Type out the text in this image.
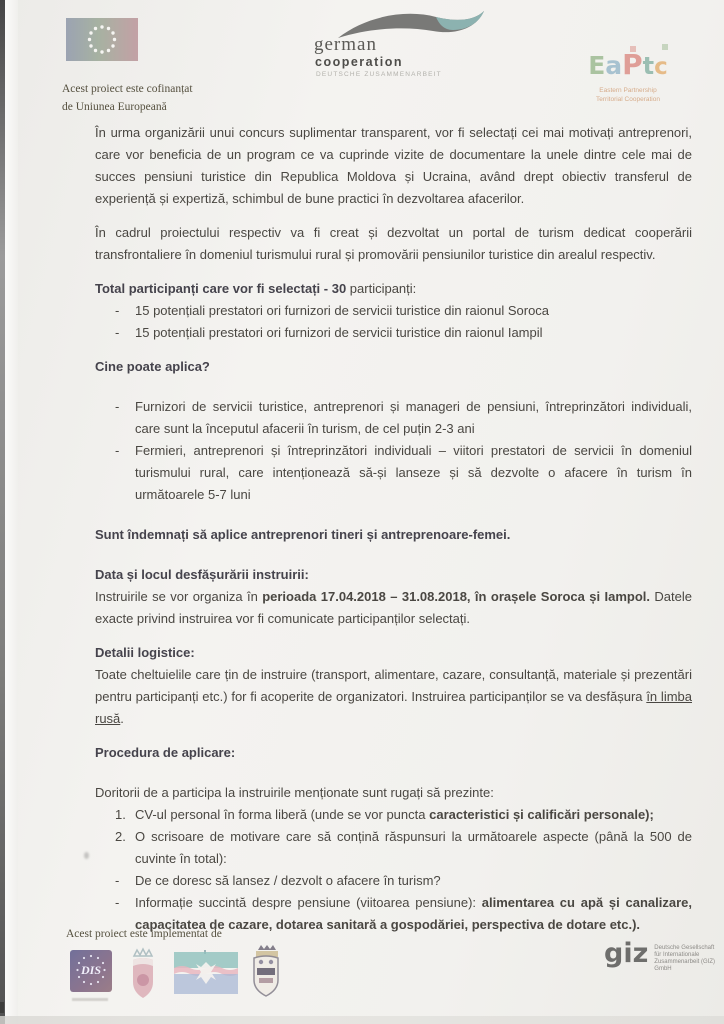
Acest proiect este cofinanțat
de Uniunea Europeană
german
cooperation
DEUTSCHE ZUSAMMENARBEIT	EaPtc
Eastern Partnership
Territorial Cooperation

În urma organizării unui concurs suplimentar transparent, vor fi selectați cei mai motivați antreprenori, care vor beneficia de un program ce va cuprinde vizite de documentare la unele dintre cele mai de succes pensiuni turistice din Republica Moldova și Ucraina, având drept obiectiv transferul de experiență și expertiză, schimbul de bune practici în dezvoltarea afacerilor.

În cadrul proiectului respectiv va fi creat și dezvoltat un portal de turism dedicat cooperării transfrontaliere în domeniul turismului rural și promovării pensiunilor turistice din arealul respectiv.

Total participanți care vor fi selectați - 30 participanți:
-	15 potențiali prestatori ori furnizori de servicii turistice din raionul Soroca
-	15 potențiali prestatori ori furnizori de servicii turistice din raionul Iampil
Cine poate aplica?
-	Furnizori de servicii turistice, antreprenori și manageri de pensiuni, întreprinzători individuali, care sunt la începutul afacerii în turism, de cel puțin 2-3 ani
-	Fermieri, antreprenori și întreprinzători individuali – viitori prestatori de servicii în domeniul turismului rural, care intenționează să-și lanseze și să dezvolte o afacere în turism în următoarele 5-7 luni
Sunt îndemnați să aplice antreprenori tineri și antreprenoare-femei.
Data și locul desfășurării instruirii:

Instruirile se vor organiza în perioada 17.04.2018 – 31.08.2018, în orașele Soroca și Iampol. Datele exacte privind instruirea vor fi comunicate participanților selectați.

Detalii logistice:

Toate cheltuielile care țin de instruire (transport, alimentare, cazare, consultanță, materiale și prezentări pentru participanți etc.) for fi acoperite de organizatori. Instruirea participanților se va desfășura în limba rusă.

Procedura de aplicare:
Doritorii de a participa la instruirile menționate sunt rugați să prezinte:
1. CV-ul personal în forma liberă (unde se vor puncta caracteristici și calificări personale);
2. O scrisoare de motivare care să conțină răspunsuri la următoarele aspecte (până la 500 de cuvinte în total):
-	De ce doresc să lansez / dezvolt o afacere în turism?
-	Informație succintă despre pensiune (viitoarea pensiune): alimentarea cu apă și canalizare, capacitatea de cazare, dotarea sanitară a gospodăriei, perspectiva de dotare etc.).
Acest proiect este implementat de
DIS
giz Deutsche Gesellschaft
für Internationale
Zusammenarbeit (GIZ) GmbH
